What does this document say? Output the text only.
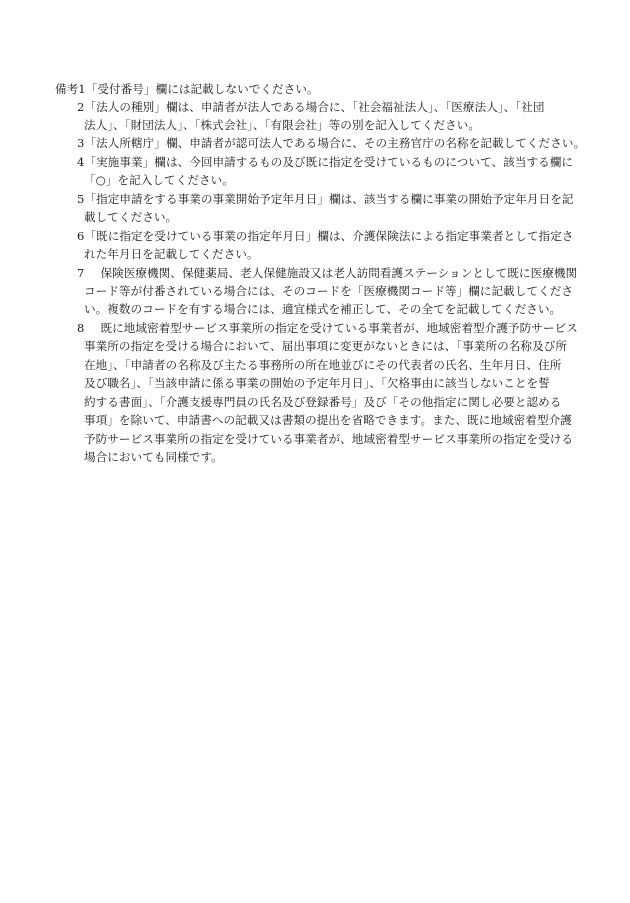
備考1「受付番号」欄には記載しないでください。
2「法人の種別」欄は、申請者が法人である場合に、「社会福祉法人」、「医療法人」、「社団
法人」、「財団法人」、「株式会社」、「有限会社」等の別を記入してください。
3「法人所轄庁」欄、申請者が認可法人である場合に、その主務官庁の名称を記載してください。
4「実施事業」欄は、今回申請するもの及び既に指定を受けているものについて、該当する欄に
「○」を記入してください。
5「指定申請をする事業の事業開始予定年月日」欄は、該当する欄に事業の開始予定年月日を記
載してください。
6「既に指定を受けている事業の指定年月日」欄は、介護保険法による指定事業者として指定さ
れた年月日を記載してください。
7 保険医療機関、保健薬局、老人保健施設又は老人訪問看護ステーションとして既に医療機関
コード等が付番されている場合には、そのコードを「医療機関コード等」欄に記載してくださ
い。複数のコードを有する場合には、適宜様式を補正して、その全てを記載してください。
8 既に地域密着型サービス事業所の指定を受けている事業者が、地域密着型介護予防サービス
事業所の指定を受ける場合において、届出事項に変更がないときには、「事業所の名称及び所
在地」、「申請者の名称及び主たる事務所の所在地並びにその代表者の氏名、生年月日、住所
及び職名」、「当該申請に係る事業の開始の予定年月日」、「欠格事由に該当しないことを誓
約する書面」、「介護支援専門員の氏名及び登録番号」及び「その他指定に関し必要と認める
事項」を除いて、申請書への記載又は書類の提出を省略できます。また、既に地域密着型介護
予防サービス事業所の指定を受けている事業者が、地域密着型サービス事業所の指定を受ける
場合においても同様です。
